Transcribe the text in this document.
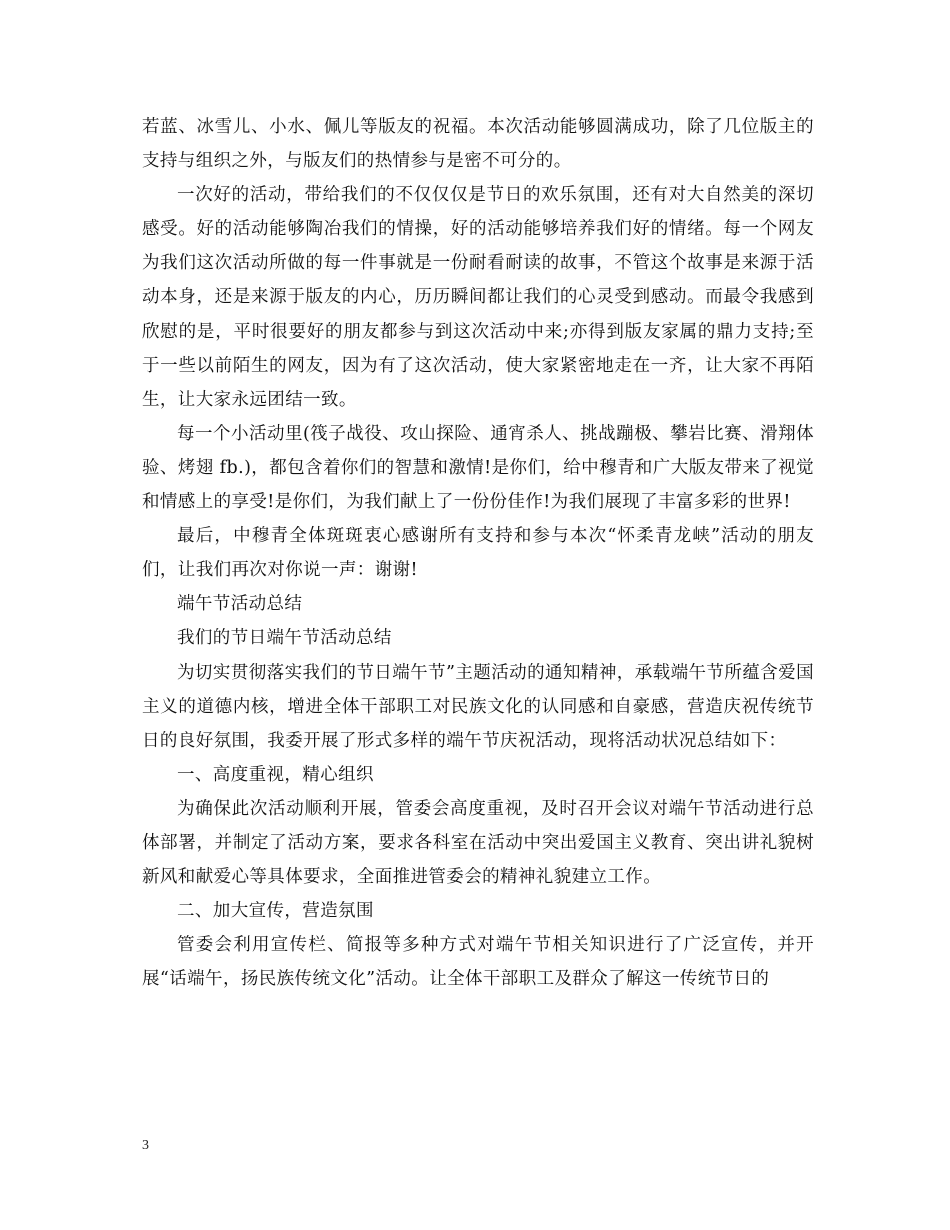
若蓝、冰雪儿、小水、佩儿等版友的祝福。本次活动能够圆满成功，除了几位版主的支持与组织之外，与版友们的热情参与是密不可分的。

一次好的活动，带给我们的不仅仅仅是节日的欢乐氛围，还有对大自然美的深切感受。好的活动能够陶冶我们的情操，好的活动能够培养我们好的情绪。每一个网友为我们这次活动所做的每一件事就是一份耐看耐读的故事，不管这个故事是来源于活动本身，还是来源于版友的内心，历历瞬间都让我们的心灵受到感动。而最令我感到欣慰的是，平时很要好的朋友都参与到这次活动中来;亦得到版友家属的鼎力支持;至于一些以前陌生的网友，因为有了这次活动，使大家紧密地走在一齐，让大家不再陌生，让大家永远团结一致。

每一个小活动里(筏子战役、攻山探险、通宵杀人、挑战蹦极、攀岩比赛、滑翔体验、烤翅 fb.)，都包含着你们的智慧和激情!是你们，给中穆青和广大版友带来了视觉和情感上的享受!是你们，为我们献上了一份份佳作!为我们展现了丰富多彩的世界!

最后，中穆青全体斑斑衷心感谢所有支持和参与本次“怀柔青龙峡”活动的朋友们，让我们再次对你说一声：谢谢!

端午节活动总结

我们的节日端午节活动总结

为切实贯彻落实我们的节日端午节”主题活动的通知精神，承载端午节所蕴含爱国主义的道德内核，增进全体干部职工对民族文化的认同感和自豪感，营造庆祝传统节日的良好氛围，我委开展了形式多样的端午节庆祝活动，现将活动状况总结如下：

一、高度重视，精心组织

为确保此次活动顺利开展，管委会高度重视，及时召开会议对端午节活动进行总体部署，并制定了活动方案，要求各科室在活动中突出爱国主义教育、突出讲礼貌树新风和献爱心等具体要求，全面推进管委会的精神礼貌建立工作。

二、加大宣传，营造氛围

管委会利用宣传栏、简报等多种方式对端午节相关知识进行了广泛宣传，并开展“话端午，扬民族传统文化”活动。让全体干部职工及群众了解这一传统节日的

3
